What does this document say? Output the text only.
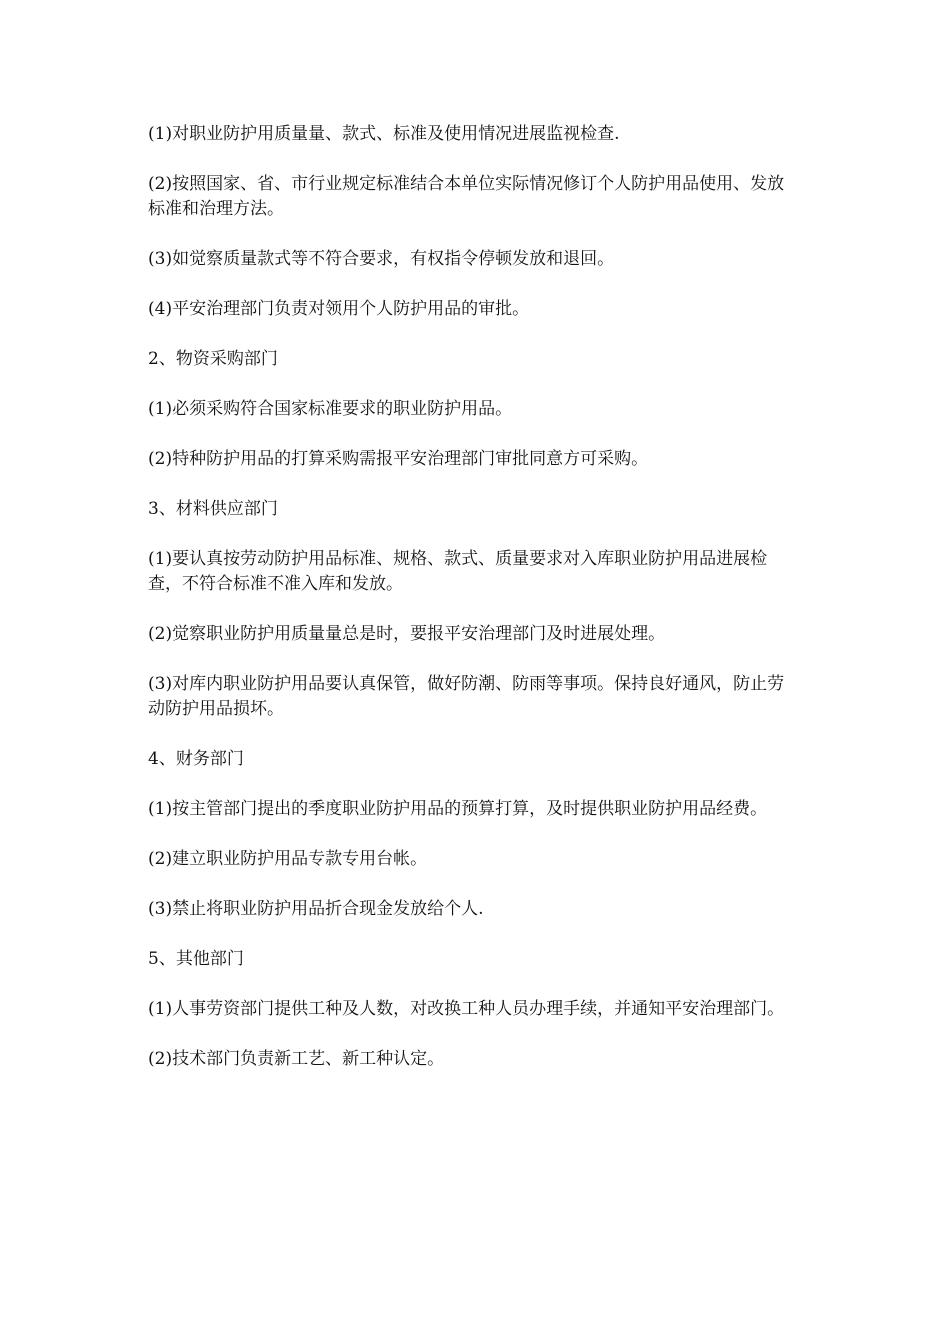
(1)对职业防护用质量量、款式、标准及使用情况进展监视检查.

(2)按照国家、省、市行业规定标准结合本单位实际情况修订个人防护用品使用、发放标准和治理方法。

(3)如觉察质量款式等不符合要求，有权指令停顿发放和退回。

(4)平安治理部门负责对领用个人防护用品的审批。

2、物资采购部门

(1)必须采购符合国家标准要求的职业防护用品。

(2)特种防护用品的打算采购需报平安治理部门审批同意方可采购。

3、材料供应部门

(1)要认真按劳动防护用品标准、规格、款式、质量要求对入库职业防护用品进展检查，不符合标准不准入库和发放。

(2)觉察职业防护用质量量总是时，要报平安治理部门及时进展处理。

(3)对库内职业防护用品要认真保管，做好防潮、防雨等事项。保持良好通风，防止劳动防护用品损坏。

4、财务部门

(1)按主管部门提出的季度职业防护用品的预算打算，及时提供职业防护用品经费。

(2)建立职业防护用品专款专用台帐。

(3)禁止将职业防护用品折合现金发放给个人.

5、其他部门

(1)人事劳资部门提供工种及人数，对改换工种人员办理手续，并通知平安治理部门。

(2)技术部门负责新工艺、新工种认定。
